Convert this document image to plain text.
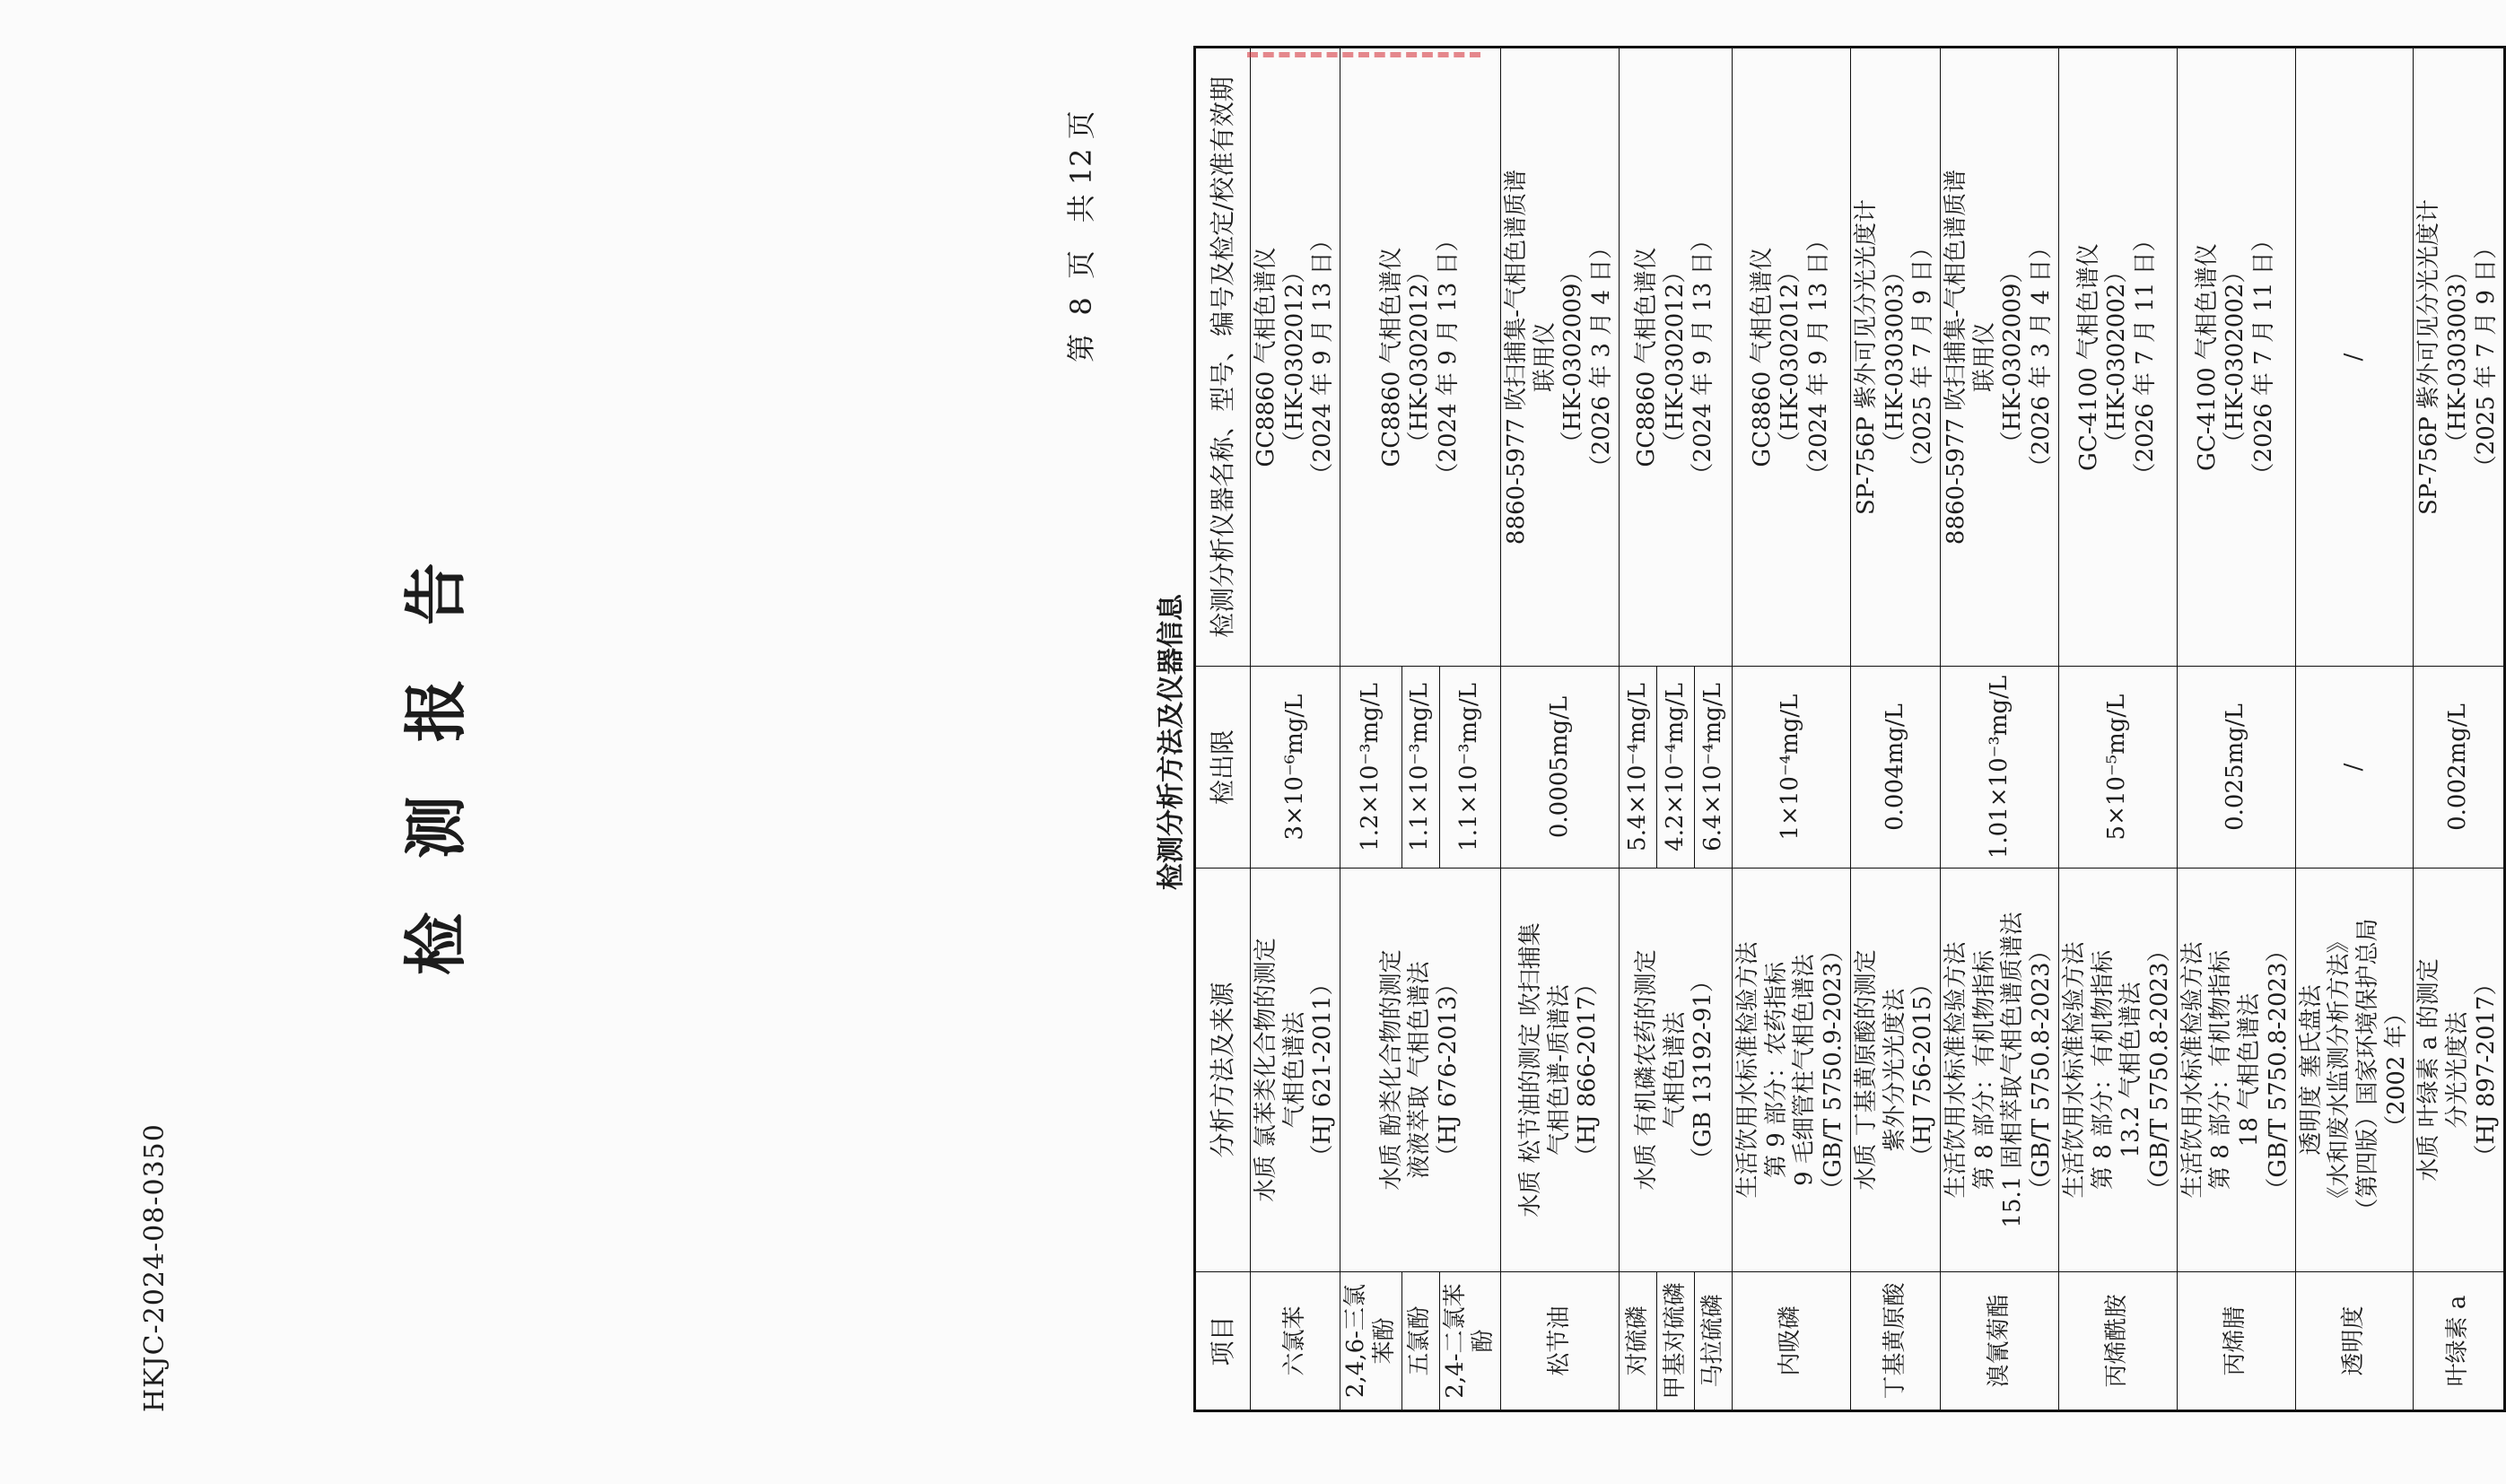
HKJC-2024-08-0350
检测报告
第  8  页   共 12 页
检测分析方法及仪器信息
项目	分析方法及来源	检出限	检测分析仪器名称、型号、编号及检定/校准有效期
六氯苯	水质 氯苯类化合物的测定
气相色谱法
（HJ 621-2011）	3×10⁻⁶mg/L	GC8860 气相色谱仪
（HK-0302012）
（2024 年 9 月 13 日）
2,4,6-三氯苯酚	水质 酚类化合物的测定
液液萃取 气相色谱法
（HJ 676-2013）	1.2×10⁻³mg/L	GC8860 气相色谱仪
（HK-0302012）
（2024 年 9 月 13 日）
五氯酚		1.1×10⁻³mg/L	
2,4-二氯苯酚		1.1×10⁻³mg/L	
松节油	水质 松节油的测定 吹扫捕集
气相色谱-质谱法
（HJ 866-2017）	0.0005mg/L	8860-5977 吹扫捕集-气相色谱质谱
联用仪
（HK-0302009）
（2026 年 3 月 4 日）
对硫磷	水质 有机磷农药的测定
气相色谱法
（GB 13192-91）	5.4×10⁻⁴mg/L	GC8860 气相色谱仪
（HK-0302012）
（2024 年 9 月 13 日）
甲基对硫磷		4.2×10⁻⁴mg/L	
马拉硫磷		6.4×10⁻⁴mg/L	
内吸磷	生活饮用水标准检验方法
第 9 部分：农药指标
9 毛细管柱气相色谱法
（GB/T 5750.9-2023）	1×10⁻⁴mg/L	GC8860 气相色谱仪
（HK-0302012）
（2024 年 9 月 13 日）
丁基黄原酸	水质 丁基黄原酸的测定
紫外分光光度法
（HJ 756-2015）	0.004mg/L	SP-756P 紫外可见分光光度计
（HK-0303003）
（2025 年 7 月 9 日）
溴氰菊酯	生活饮用水标准检验方法
第 8 部分：有机物指标
15.1 固相萃取气相色谱质谱法
（GB/T 5750.8-2023）	1.01×10⁻³mg/L	8860-5977 吹扫捕集-气相色谱质谱
联用仪
（HK-0302009）
（2026 年 3 月 4 日）
丙烯酰胺	生活饮用水标准检验方法
第 8 部分：有机物指标
13.2 气相色谱法
（GB/T 5750.8-2023）	5×10⁻⁵mg/L	GC-4100 气相色谱仪
（HK-0302002）
（2026 年 7 月 11 日）
丙烯腈	生活饮用水标准检验方法
第 8 部分：有机物指标
18 气相色谱法
（GB/T 5750.8-2023）	0.025mg/L	GC-4100 气相色谱仪
（HK-0302002）
（2026 年 7 月 11 日）
透明度	透明度 塞氏盘法
《水和废水监测分析方法》
（第四版）国家环境保护总局
（2002 年）	/	/
叶绿素 a	水质 叶绿素 a 的测定
分光光度法
（HJ 897-2017）	0.002mg/L	SP-756P 紫外可见分光光度计
（HK-0303003）
（2025 年 7 月 9 日）
